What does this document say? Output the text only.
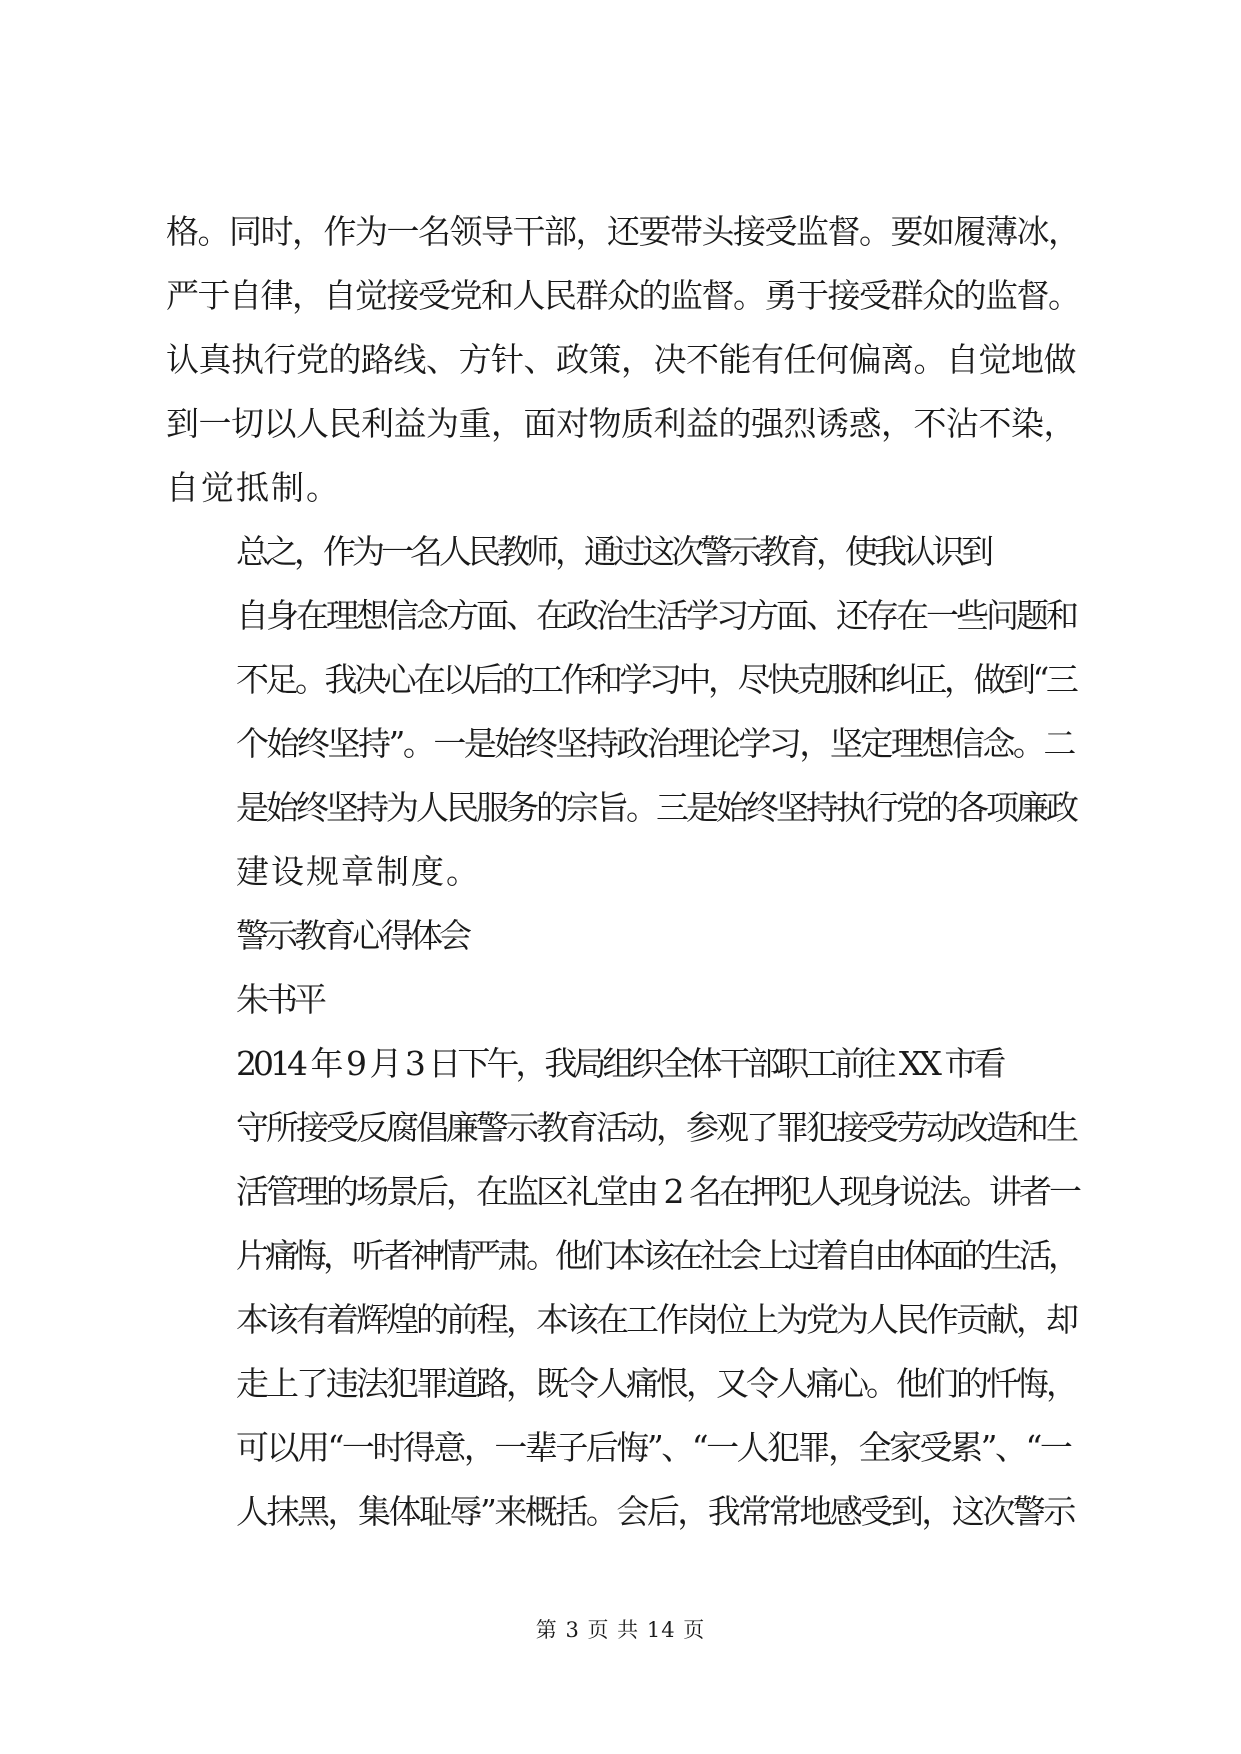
格。同时，作为一名领导干部，还要带头接受监督。要如履薄冰，
严于自律，自觉接受党和人民群众的监督。勇于接受群众的监督。
认真执行党的路线、方针、政策，决不能有任何偏离。自觉地做
到一切以人民利益为重，面对物质利益的强烈诱惑，不沾不染，
自觉抵制。

总之，作为一名人民教师，通过这次警示教育，使我认识到
自身在理想信念方面、在政治生活学习方面、还存在一些问题和
不足。我决心在以后的工作和学习中，尽快克服和纠正，做到“三
个始终坚持”。一是始终坚持政治理论学习，坚定理想信念。二
是始终坚持为人民服务的宗旨。三是始终坚持执行党的各项廉政
建设规章制度。

警示教育心得体会

朱书平

2014 年 9 月 3 日下午，我局组织全体干部职工前往 XX 市看
守所接受反腐倡廉警示教育活动，参观了罪犯接受劳动改造和生
活管理的场景后，在监区礼堂由 2 名在押犯人现身说法。讲者一
片痛悔，听者神情严肃。他们本该在社会上过着自由体面的生活，
本该有着辉煌的前程，本该在工作岗位上为党为人民作贡献，却
走上了违法犯罪道路，既令人痛恨，又令人痛心。他们的忏悔，
可以用“一时得意，一辈子后悔”、“一人犯罪，全家受累”、“一
人抹黑，集体耻辱”来概括。会后，我常常地感受到，这次警示

第 3 页 共 14 页
